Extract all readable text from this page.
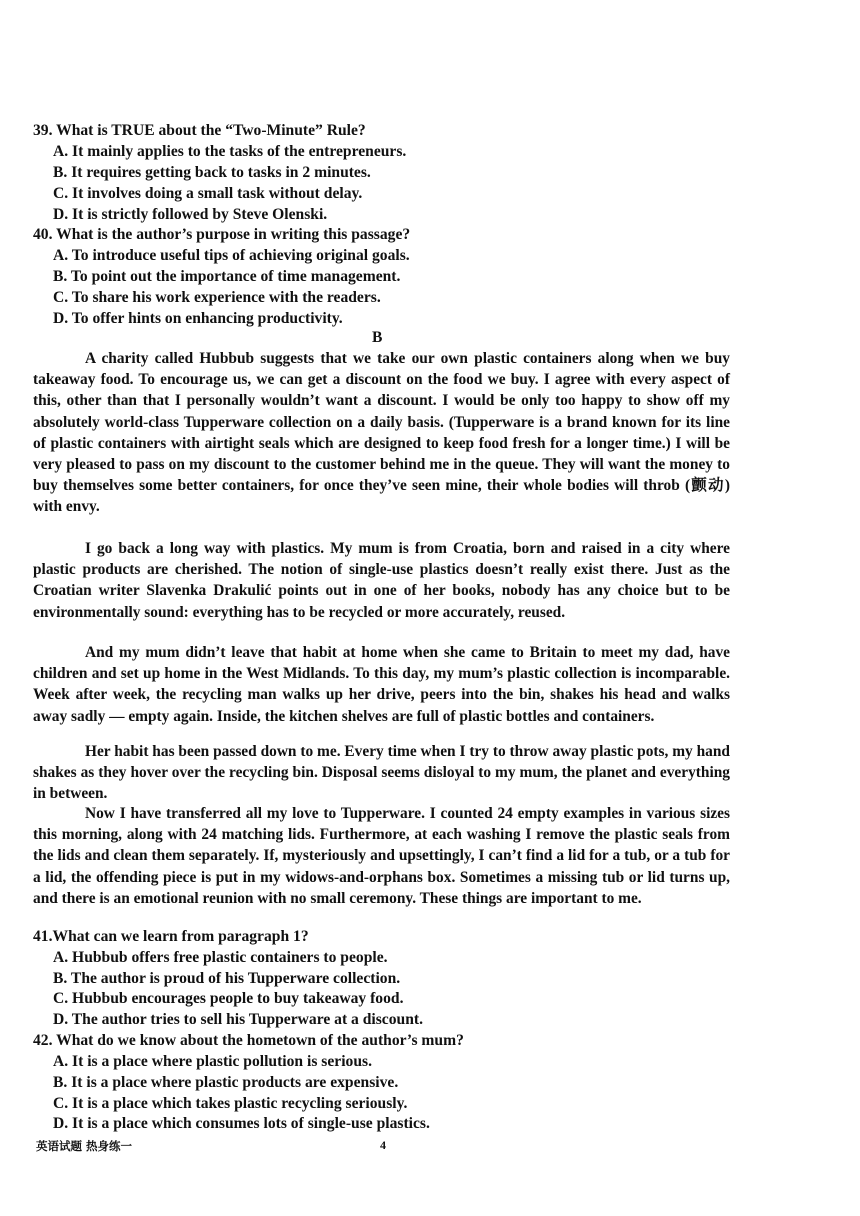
39. What is TRUE about the “Two-Minute” Rule?
A. It mainly applies to the tasks of the entrepreneurs.
B. It requires getting back to tasks in 2 minutes.
C. It involves doing a small task without delay.
D. It is strictly followed by Steve Olenski.
40. What is the author’s purpose in writing this passage?
A. To introduce useful tips of achieving original goals.
B. To point out the importance of time management.
C. To share his work experience with the readers.
D. To offer hints on enhancing productivity.
B
A charity called Hubbub suggests that we take our own plastic containers along when we buy takeaway food. To encourage us, we can get a discount on the food we buy. I agree with every aspect of this, other than that I personally wouldn’t want a discount. I would be only too happy to show off my absolutely world-class Tupperware collection on a daily basis. (Tupperware is a brand known for its line of plastic containers with airtight seals which are designed to keep food fresh for a longer time.) I will be very pleased to pass on my discount to the customer behind me in the queue. They will want the money to buy themselves some better containers, for once they’ve seen mine, their whole bodies will throb (颤动) with envy.
I go back a long way with plastics. My mum is from Croatia, born and raised in a city where plastic products are cherished. The notion of single-use plastics doesn’t really exist there. Just as the Croatian writer Slavenka Drakulić points out in one of her books, nobody has any choice but to be environmentally sound: everything has to be recycled or more accurately, reused.
And my mum didn’t leave that habit at home when she came to Britain to meet my dad, have children and set up home in the West Midlands. To this day, my mum’s plastic collection is incomparable. Week after week, the recycling man walks up her drive, peers into the bin, shakes his head and walks away sadly — empty again. Inside, the kitchen shelves are full of plastic bottles and containers.
Her habit has been passed down to me. Every time when I try to throw away plastic pots, my hand shakes as they hover over the recycling bin. Disposal seems disloyal to my mum, the planet and everything in between.
Now I have transferred all my love to Tupperware. I counted 24 empty examples in various sizes this morning, along with 24 matching lids. Furthermore, at each washing I remove the plastic seals from the lids and clean them separately. If, mysteriously and upsettingly, I can’t find a lid for a tub, or a tub for a lid, the offending piece is put in my widows-and-orphans box. Sometimes a missing tub or lid turns up, and there is an emotional reunion with no small ceremony. These things are important to me.
41.What can we learn from paragraph 1?
A. Hubbub offers free plastic containers to people.
B. The author is proud of his Tupperware collection.
C. Hubbub encourages people to buy takeaway food.
D. The author tries to sell his Tupperware at a discount.
42. What do we know about the hometown of the author’s mum?
A. It is a place where plastic pollution is serious.
B. It is a place where plastic products are expensive.
C. It is a place which takes plastic recycling seriously.
D. It is a place which consumes lots of single-use plastics.
英语试题 热身练一	4
